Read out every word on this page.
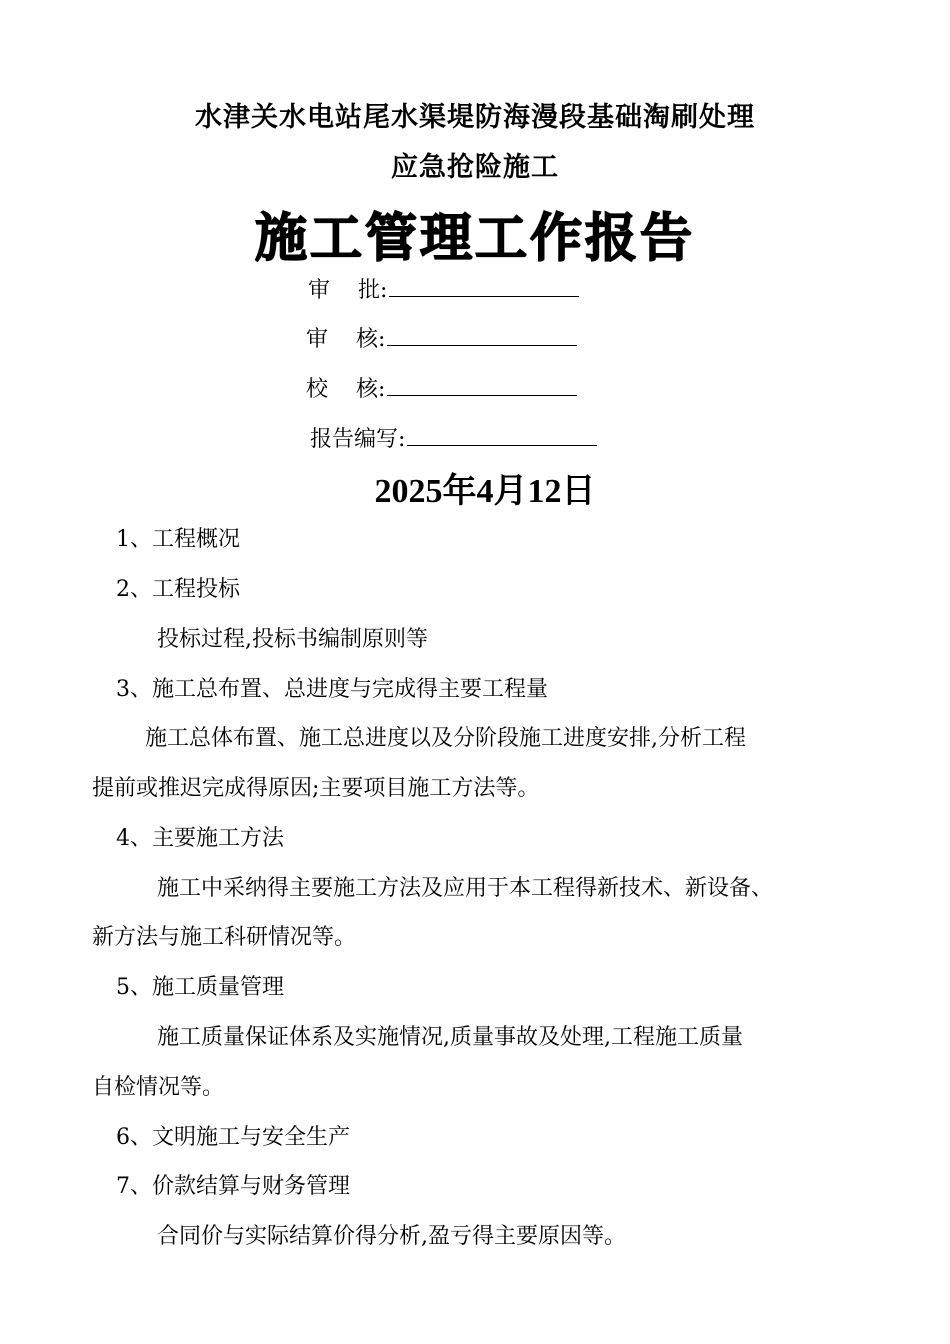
水津关水电站尾水渠堤防海漫段基础淘刷处理
应急抢险施工
施工管理工作报告
审    批:
审    核:
校    核:
报告编写:
2025年4月12日
1、工程概况
2、工程投标
投标过程,投标书编制原则等
3、施工总布置、总进度与完成得主要工程量
施工总体布置、施工总进度以及分阶段施工进度安排,分析工程
提前或推迟完成得原因;主要项目施工方法等。
4、主要施工方法
施工中采纳得主要施工方法及应用于本工程得新技术、新设备、
新方法与施工科研情况等。
5、施工质量管理
施工质量保证体系及实施情况,质量事故及处理,工程施工质量
自检情况等。
6、文明施工与安全生产
7、价款结算与财务管理
合同价与实际结算价得分析,盈亏得主要原因等。
